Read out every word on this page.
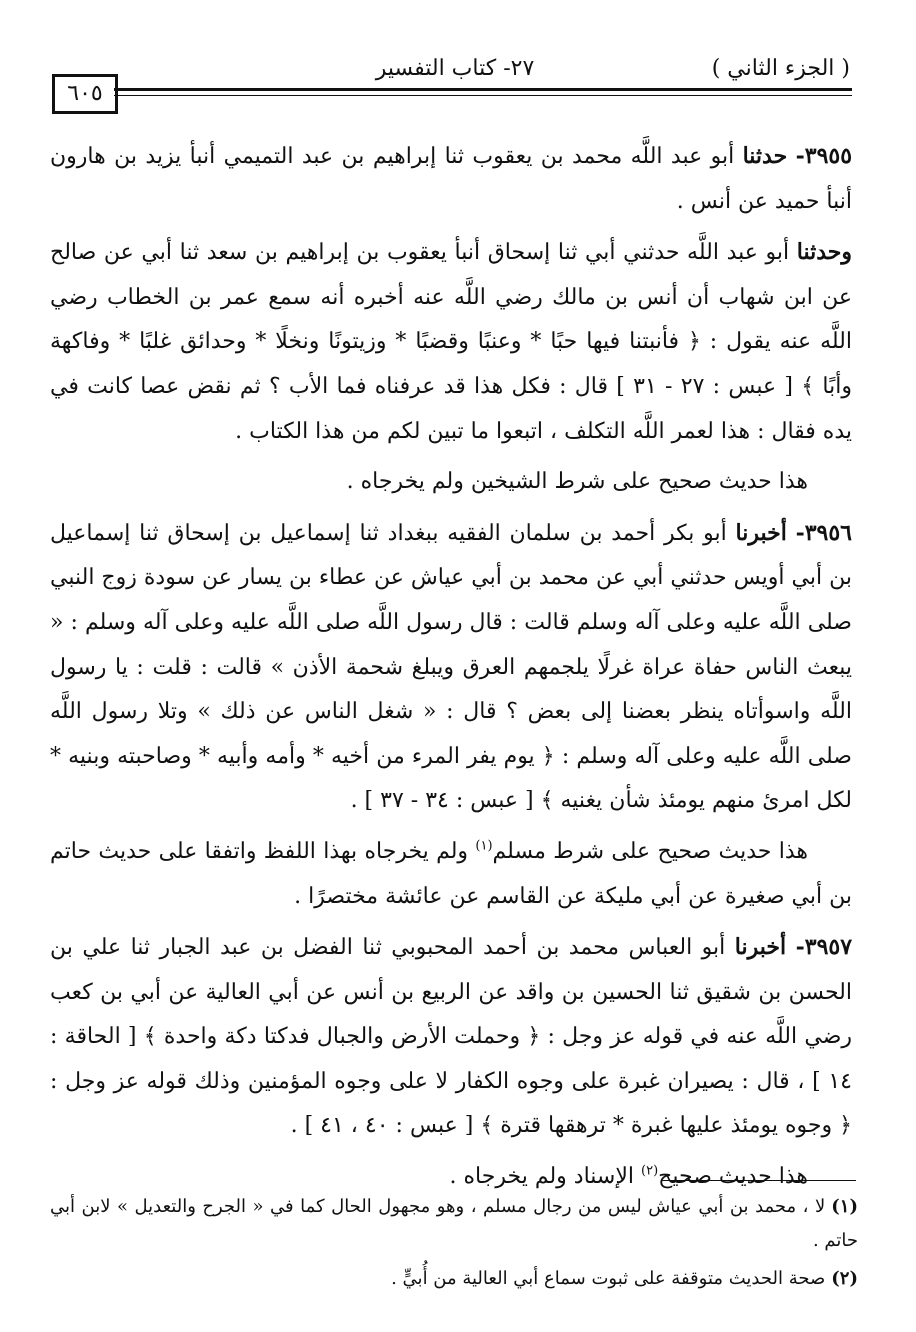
( الجزء الثاني )
٢٧- كتاب التفسير
٦٠٥

٣٩٥٥- حدثنا أبو عبد اللَّه محمد بن يعقوب ثنا إبراهيم بن عبد التميمي أنبأ يزيد بن هارون أنبأ حميد عن أنس .

وحدثنا أبو عبد اللَّه حدثني أبي ثنا إسحاق أنبأ يعقوب بن إبراهيم بن سعد ثنا أبي عن صالح عن ابن شهاب أن أنس بن مالك رضي اللَّه عنه أخبره أنه سمع عمر بن الخطاب رضي اللَّه عنه يقول : ﴿ فأنبتنا فيها حبًا * وعنبًا وقضبًا * وزيتونًا ونخلًا * وحدائق غلبًا * وفاكهة وأبًا ﴾ [ عبس : ٢٧ - ٣١ ] قال : فكل هذا قد عرفناه فما الأب ؟ ثم نقض عصا كانت في يده فقال : هذا لعمر اللَّه التكلف ، اتبعوا ما تبين لكم من هذا الكتاب .

هذا حديث صحيح على شرط الشيخين ولم يخرجاه .

٣٩٥٦- أخبرنا أبو بكر أحمد بن سلمان الفقيه ببغداد ثنا إسماعيل بن إسحاق ثنا إسماعيل بن أبي أويس حدثني أبي عن محمد بن أبي عياش عن عطاء بن يسار عن سودة زوج النبي صلى اللَّه عليه وعلى آله وسلم قالت : قال رسول اللَّه صلى اللَّه عليه وعلى آله وسلم : « يبعث الناس حفاة عراة غرلًا يلجمهم العرق ويبلغ شحمة الأذن » قالت : قلت : يا رسول اللَّه واسوأتاه ينظر بعضنا إلى بعض ؟ قال : « شغل الناس عن ذلك » وتلا رسول اللَّه صلى اللَّه عليه وعلى آله وسلم : ﴿ يوم يفر المرء من أخيه * وأمه وأبيه * وصاحبته وبنيه * لكل امرئ منهم يومئذ شأن يغنيه ﴾ [ عبس : ٣٤ - ٣٧ ] .

هذا حديث صحيح على شرط مسلم$^{(١)}$ ولم يخرجاه بهذا اللفظ واتفقا على حديث حاتم بن أبي صغيرة عن أبي مليكة عن القاسم عن عائشة مختصرًا .

٣٩٥٧- أخبرنا أبو العباس محمد بن أحمد المحبوبي ثنا الفضل بن عبد الجبار ثنا علي بن الحسن بن شقيق ثنا الحسين بن واقد عن الربيع بن أنس عن أبي العالية عن أبي بن كعب رضي اللَّه عنه في قوله عز وجل : ﴿ وحملت الأرض والجبال فدكتا دكة واحدة ﴾ [ الحاقة : ١٤ ] ، قال : يصيران غبرة على وجوه الكفار لا على وجوه المؤمنين وذلك قوله عز وجل : ﴿ وجوه يومئذ عليها غبرة * ترهقها قترة ﴾ [ عبس : ٤٠ ، ٤١ ] .

هذا حديث صحيح$^{(٢)}$ الإسناد ولم يخرجاه .

(١)لا ، محمد بن أبي عياش ليس من رجال مسلم ، وهو مجهول الحال كما في « الجرح والتعديل » لابن أبي حاتم .

(٢)صحة الحديث متوقفة على ثبوت سماع أبي العالية من أُبيٍّ .
